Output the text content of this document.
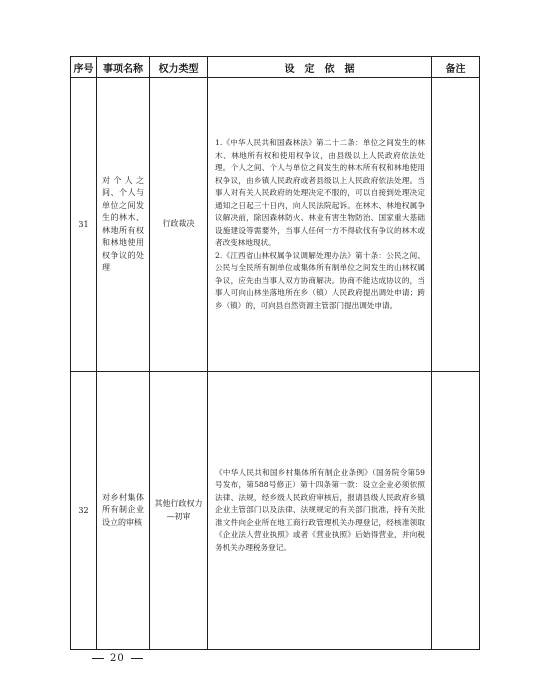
序号	事项名称	权力类型	设　定　依　据	备注
31	对个人之间、个人与单位之间发生的林木、林地所有权和林地使用权争议的处理	行政裁决	1.《中华人民共和国森林法》第二十二条：单位之间发生的林木、林地所有权和使用权争议，由县级以上人民政府依法处理。个人之间、个人与单位之间发生的林木所有权和林地使用权争议，由乡镇人民政府或者县级以上人民政府依法处理。当事人对有关人民政府的处理决定不服的，可以自接到处理决定通知之日起三十日内，向人民法院起诉。在林木、林地权属争议解决前，除因森林防火、林业有害生物防治、国家重大基础设施建设等需要外，当事人任何一方不得砍伐有争议的林木或者改变林地现状。

2.《江西省山林权属争议调解处理办法》第十条：公民之间、公民与全民所有制单位或集体所有制单位之间发生的山林权属争议，应先由当事人双方协商解决。协商不能达成协议的，当事人可向山林坐落地所在乡（镇）人民政府提出调处申请；跨乡（镇）的，可向县自然资源主管部门提出调处申请。	

32	对乡村集体所有制企业设立的审核	其他行政权力—初审	《中华人民共和国乡村集体所有制企业条例》（国务院令第59号发布，第588号修正）第十四条第一款：设立企业必须依照法律、法规，经乡级人民政府审核后，报请县级人民政府乡镇企业主管部门以及法律、法规规定的有关部门批准，持有关批准文件向企业所在地工商行政管理机关办理登记，经核准领取《企业法人营业执照》或者《营业执照》后始得营业，并向税务机关办理税务登记。	

20
